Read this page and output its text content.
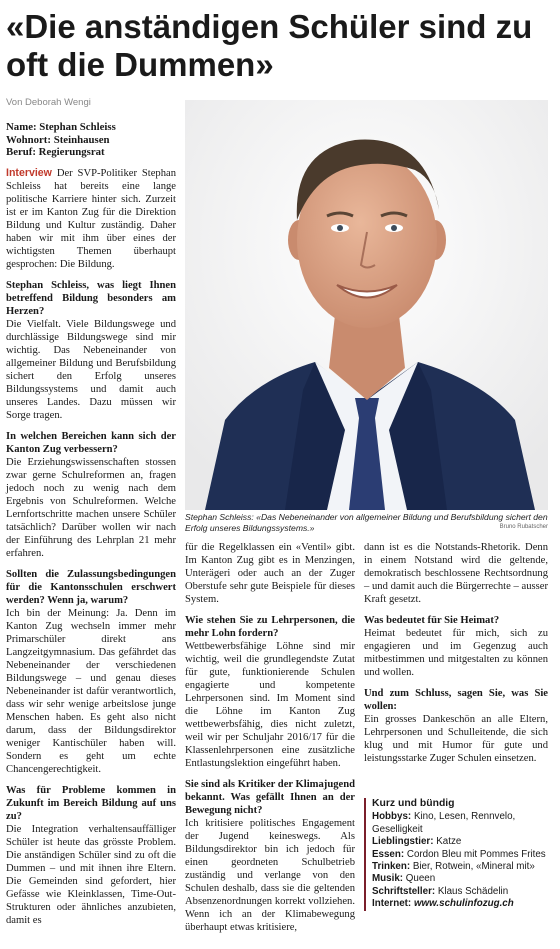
«Die anständigen Schüler sind zu oft die Dummen»
Von Deborah Wengi
Name: Stephan Schleiss
Wohnort: Steinhausen
Beruf: Regierungsrat

Interview Der SVP-Politiker Stephan Schleiss hat bereits eine lange politische Karriere hinter sich. Zurzeit ist er im Kanton Zug für die Direktion Bildung und Kultur zuständig. Daher haben wir mit ihm über eines der wichtigsten Themen überhaupt gesprochen: Die Bildung.

Stephan Schleiss, was liegt Ihnen betreffend Bildung besonders am Herzen?

Die Vielfalt. Viele Bildungswege und durchlässige Bildungswege sind mir wichtig. Das Nebeneinander von allgemeiner Bildung und Berufsbildung sichert den Erfolg unseres Bildungssystems und damit auch unseres Landes. Dazu müssen wir Sorge tragen.

In welchen Bereichen kann sich der Kanton Zug verbessern?

Die Erziehungswissenschaften stossen zwar gerne Schulreformen an, fragen jedoch noch zu wenig nach dem Ergebnis von Schulreformen. Welche Lernfortschritte machen unsere Schüler tatsächlich? Darüber wollen wir nach der Einführung des Lehrplan 21 mehr erfahren.

Sollten die Zulassungsbedingungen für die Kantonsschulen erschwert werden? Wenn ja, warum?

Ich bin der Meinung: Ja. Denn im Kanton Zug wechseln immer mehr Primarschüler direkt ans Langzeitgymnasium. Das gefährdet das Nebeneinander der verschiedenen Bildungswege – und genau dieses Nebeneinander ist dafür verantwortlich, dass wir sehr wenige arbeitslose junge Menschen haben. Es geht also nicht darum, dass der Bildungsdirektor weniger Kantischüler haben will. Sondern es geht um echte Chancengerechtigkeit.

Was für Probleme kommen in Zukunft im Bereich Bildung auf uns zu?

Die Integration verhaltensauffälliger Schüler ist heute das grösste Problem. Die anständigen Schüler sind zu oft die Dummen – und mit ihnen ihre Eltern. Die Gemeinden sind gefordert, hier Gefässe wie Kleinklassen, Time-Out-Strukturen oder ähnliches anzubieten, damit es

Stephan Schleiss: «Das Nebeneinander von allgemeiner Bildung und Berufsbildung sichert den Erfolg unseres Bildungssystems.»	Bruno Rubatscher

für die Regelklassen ein «Ventil» gibt. Im Kanton Zug gibt es in Menzingen, Unterägeri oder auch an der Zuger Oberstufe sehr gute Beispiele für dieses System.

Wie stehen Sie zu Lehrpersonen, die mehr Lohn fordern?

Wettbewerbsfähige Löhne sind mir wichtig, weil die grundlegendste Zutat für gute, funktionierende Schulen engagierte und kompetente Lehrpersonen sind. Im Moment sind die Löhne im Kanton Zug wettbewerbsfähig, dies nicht zuletzt, weil wir per Schuljahr 2016/17 für die Klassenlehrpersonen eine zusätzliche Entlastungslektion eingeführt haben.

Sie sind als Kritiker der Klimajugend bekannt. Was gefällt Ihnen an der Bewegung nicht?

Ich kritisiere politisches Engagement der Jugend keineswegs. Als Bildungsdirektor bin ich jedoch für einen geordneten Schulbetrieb zuständig und verlange von den Schulen deshalb, dass sie die geltenden Absenzenordnungen korrekt vollziehen. Wenn ich an der Klimabewegung überhaupt etwas kritisiere,

dann ist es die Notstands-Rhetorik. Denn in einem Notstand wird die geltende, demokratisch beschlossene Rechtsordnung – und damit auch die Bürgerrechte – ausser Kraft gesetzt.

Was bedeutet für Sie Heimat?

Heimat bedeutet für mich, sich zu engagieren und im Gegenzug auch mitbestimmen und mitgestalten zu können und wollen.

Und zum Schluss, sagen Sie, was Sie wollen:

Ein grosses Dankeschön an alle Eltern, Lehrpersonen und Schulleitende, die sich klug und mit Humor für gute und leistungsstarke Zuger Schulen einsetzen.

Kurz und bündig
Hobbys: Kino, Lesen, Rennvelo, Geselligkeit
Lieblingstier: Katze
Essen: Cordon Bleu mit Pommes Frites
Trinken: Bier, Rotwein, «Mineral mit»
Musik: Queen
Schriftsteller: Klaus Schädelin
Internet: www.schulinfozug.ch
